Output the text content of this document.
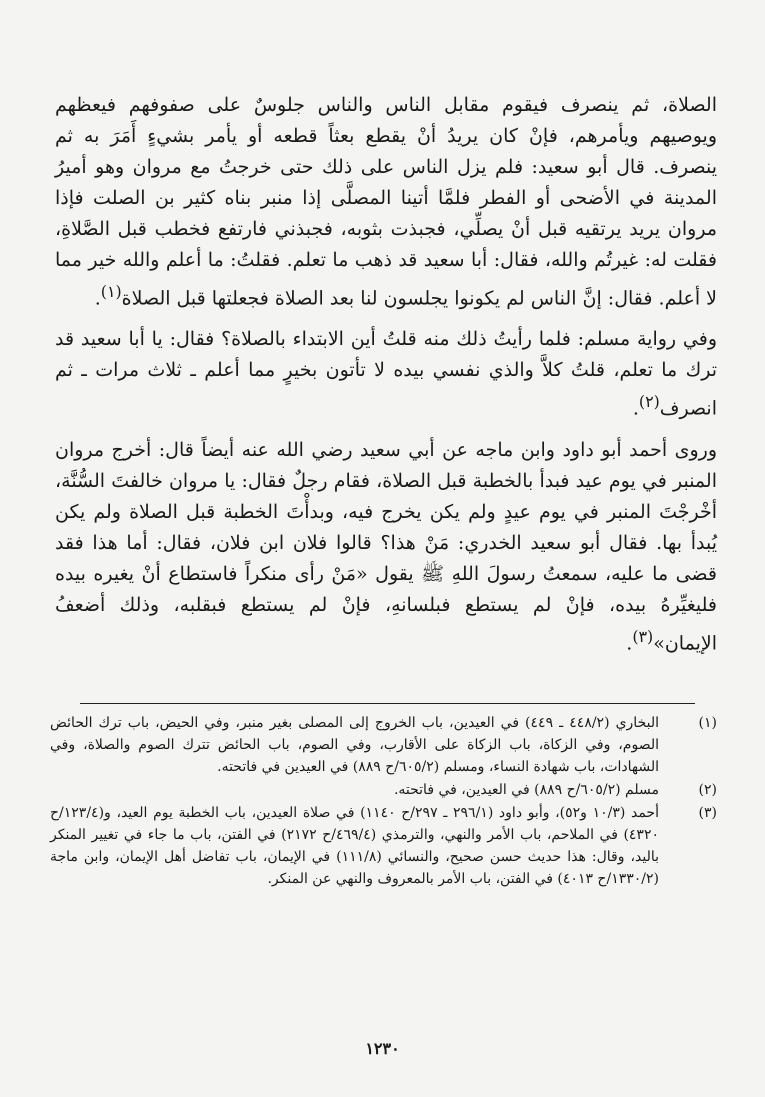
الصلاة، ثم ينصرف فيقوم مقابل الناس والناس جلوسٌ على صفوفهم فيعظهم ويوصيهم ويأمرهم، فإنْ كان يريدُ أنْ يقطع بعثاً قطعه أو يأمر بشيءٍ أَمَرَ به ثم ينصرف. قال أبو سعيد: فلم يزل الناس على ذلك حتى خرجتُ مع مروان وهو أميرُ المدينة في الأضحى أو الفطر فلمَّا أتينا المصلَّى إذا منبر بناه كثير بن الصلت فإذا مروان يريد يرتقيه قبل أنْ يصلِّي، فجبذت بثوبه، فجبذني فارتفع فخطب قبل الصَّلاةِ، فقلت له: غيرتُم والله، فقال: أبا سعيد قد ذهب ما تعلم. فقلتُ: ما أعلم والله خير مما لا أعلم. فقال: إنَّ الناس لم يكونوا يجلسون لنا بعد الصلاة فجعلتها قبل الصلاة$^{(١)}$.

وفي رواية مسلم: فلما رأيتُ ذلك منه قلتُ أين الابتداء بالصلاة؟ فقال: يا أبا سعيد قد ترك ما تعلم، قلتُ كلاَّ والذي نفسي بيده لا تأتون بخيرٍ مما أعلم ـ ثلاث مرات ـ ثم انصرف$^{(٢)}$.

وروى أحمد أبو داود وابن ماجه عن أبي سعيد رضي الله عنه أيضاً قال: أخرج مروان المنبر في يوم عيد فبدأ بالخطبة قبل الصلاة، فقام رجلٌ فقال: يا مروان خالفتَ السُّنَّة، أخْرجْتَ المنبر في يوم عيدٍ ولم يكن يخرج فيه، وبدأْتَ الخطبة قبل الصلاة ولم يكن يُبدأ بها. فقال أبو سعيد الخدري: مَنْ هذا؟ قالوا فلان ابن فلان، فقال: أما هذا فقد قضى ما عليه، سمعتُ رسولَ اللهِ ﷺ يقول «مَنْ رأى منكراً فاستطاع أنْ يغيره بيده فليغيِّرهُ بيده، فإنْ لم يستطع فبلسانهِ، فإنْ لم يستطع فبقلبه، وذلك أضعفُ الإيمان»$^{(٣)}$.

(١)
البخاري (٤٤٨/٢ ـ ٤٤٩) في العيدين، باب الخروج إلى المصلى بغير منبر، وفي الحيض، باب ترك الحائض الصوم، وفي الزكاة، باب الزكاة على الأقارب، وفي الصوم، باب الحائض تترك الصوم والصلاة، وفي الشهادات، باب شهادة النساء، ومسلم (٦٠٥/٢/ح ٨٨٩) في العيدين في فاتحته.
(٢)
مسلم (٦٠٥/٢/ح ٨٨٩) في العيدين، في فاتحته.
(٣)
أحمد (١٠/٣ و٥٢)، وأبو داود (٢٩٦/١ ـ ٢٩٧/ح ١١٤٠) في صلاة العيدين، باب الخطبة يوم العيد، و(١٢٣/٤/ح ٤٣٢٠) في الملاحم، باب الأمر والنهي، والترمذي (٤٦٩/٤/ح ٢١٧٢) في الفتن، باب ما جاء في تغيير المنكر باليد، وقال: هذا حديث حسن صحيح، والنسائي (١١١/٨) في الإيمان، باب تفاضل أهل الإيمان، وابن ماجة (١٣٣٠/٢/ح ٤٠١٣) في الفتن، باب الأمر بالمعروف والنهي عن المنكر.
١٢٣٠
